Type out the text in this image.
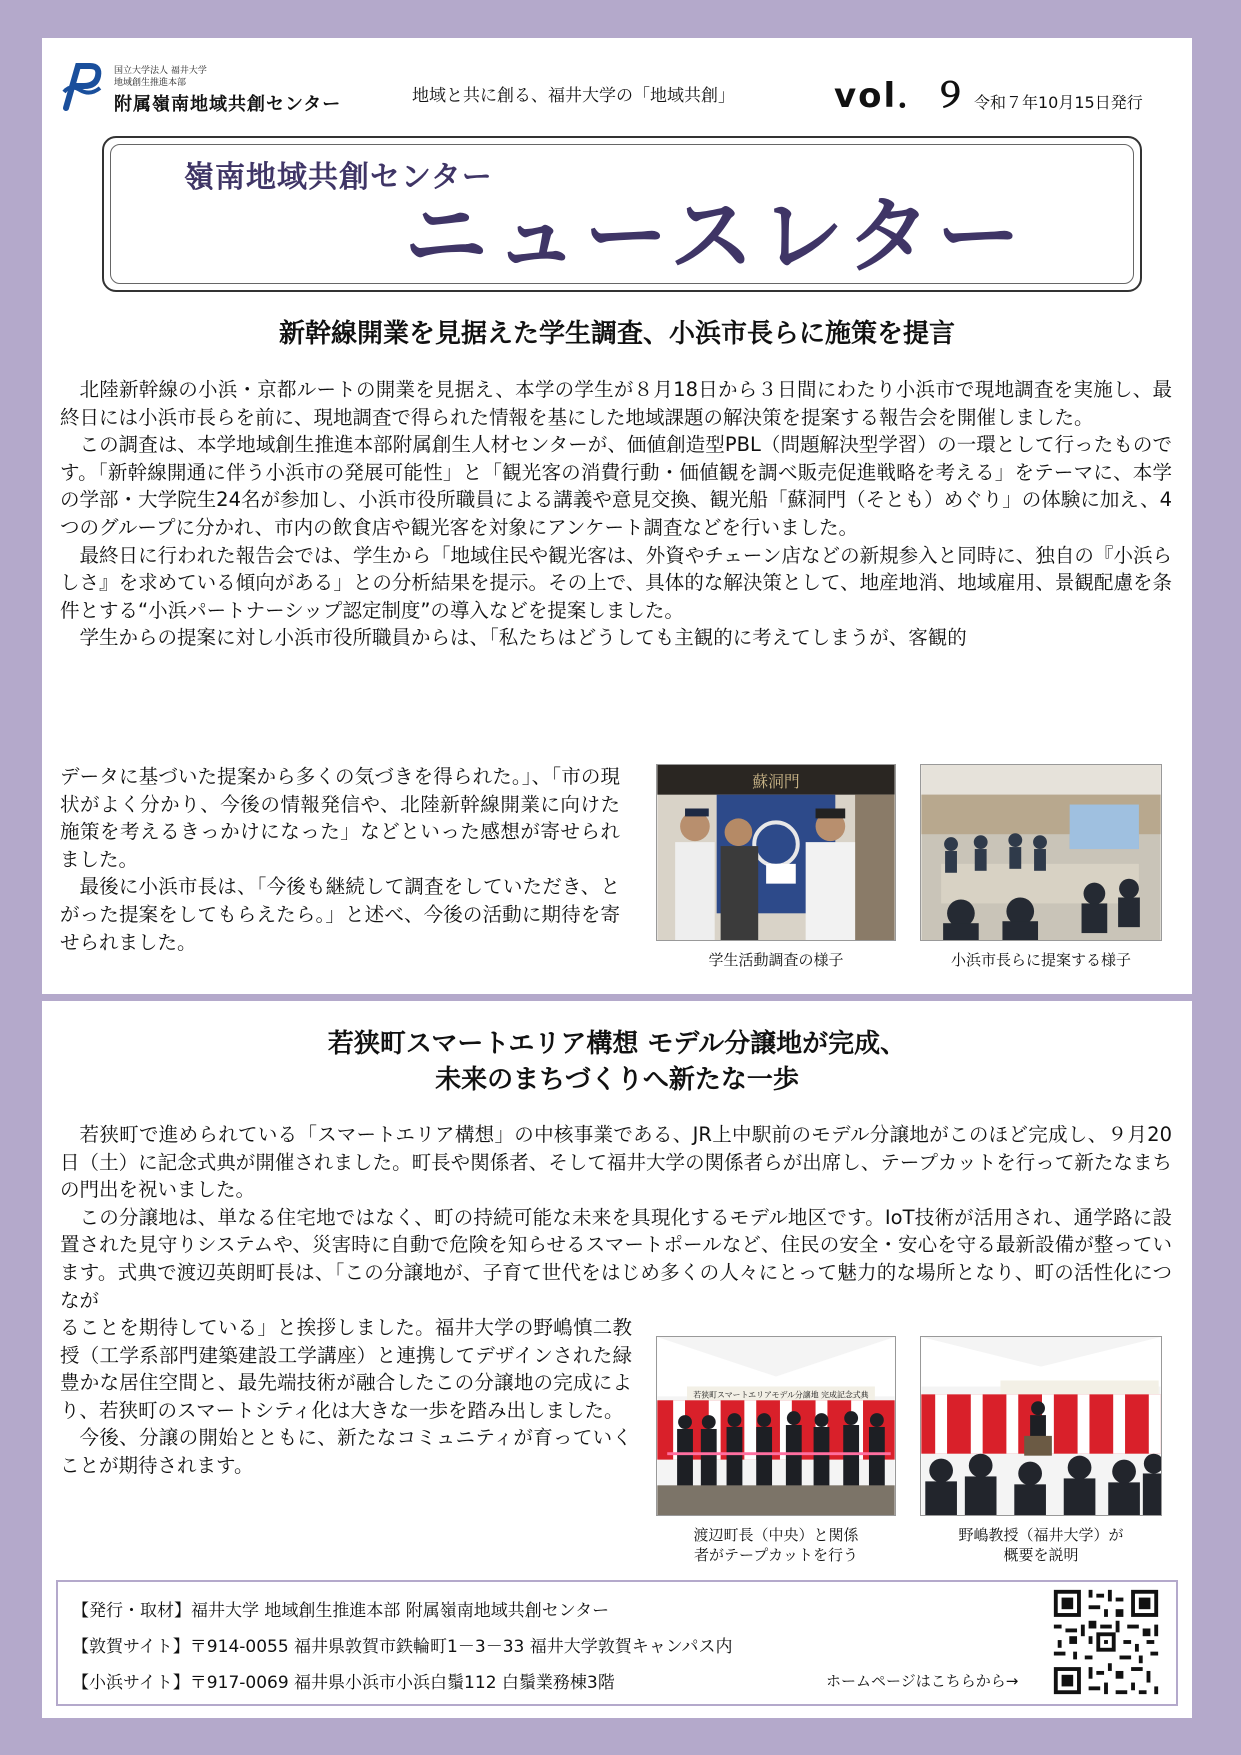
国立大学法人 福井大学
地域創生推進本部
附属嶺南地域共創センター	地域と共に創る、福井大学の「地域共創」	vol．９ 令和７年10月15日発行
嶺南地域共創センター
ニュースレター
新幹線開業を見据えた学生調査、小浜市長らに施策を提言

北陸新幹線の小浜・京都ルートの開業を見据え、本学の学生が８月18日から３日間にわたり小浜市で現地調査を実施し、最終日には小浜市長らを前に、現地調査で得られた情報を基にした地域課題の解決策を提案する報告会を開催しました。

この調査は、本学地域創生推進本部附属創生人材センターが、価値創造型PBL（問題解決型学習）の一環として行ったものです。「新幹線開通に伴う小浜市の発展可能性」と「観光客の消費行動・価値観を調べ販売促進戦略を考える」をテーマに、本学の学部・大学院生24名が参加し、小浜市役所職員による講義や意見交換、観光船「蘇洞門（そとも）めぐり」の体験に加え、4つのグループに分かれ、市内の飲食店や観光客を対象にアンケート調査などを行いました。

最終日に行われた報告会では、学生から「地域住民や観光客は、外資やチェーン店などの新規参入と同時に、独自の『小浜らしさ』を求めている傾向がある」との分析結果を提示。その上で、具体的な解決策として、地産地消、地域雇用、景観配慮を条件とする“小浜パートナーシップ認定制度”の導入などを提案しました。

学生からの提案に対し小浜市役所職員からは、「私たちはどうしても主観的に考えてしまうが、客観的

データに基づいた提案から多くの気づきを得られた。」、「市の現状がよく分かり、今後の情報発信や、北陸新幹線開業に向けた施策を考えるきっかけになった」などといった感想が寄せられました。

最後に小浜市長は、「今後も継続して調査をしていただき、とがった提案をしてもらえたら。」と述べ、今後の活動に期待を寄せられました。

蘇洞門
学生活動調査の様子	小浜市長らに提案する様子
若狭町スマートエリア構想 モデル分譲地が完成、
未来のまちづくりへ新たな一歩

若狭町で進められている「スマートエリア構想」の中核事業である、JR上中駅前のモデル分譲地がこのほど完成し、９月20日（土）に記念式典が開催されました。町長や関係者、そして福井大学の関係者らが出席し、テープカットを行って新たなまちの門出を祝いました。

この分譲地は、単なる住宅地ではなく、町の持続可能な未来を具現化するモデル地区です。IoT技術が活用され、通学路に設置された見守りシステムや、災害時に自動で危険を知らせるスマートポールなど、住民の安全・安心を守る最新設備が整っています。式典で渡辺英朗町長は、「この分譲地が、子育て世代をはじめ多くの人々にとって魅力的な場所となり、町の活性化につなが

ることを期待している」と挨拶しました。福井大学の野嶋慎二教授（工学系部門建築建設工学講座）と連携してデザインされた緑豊かな居住空間と、最先端技術が融合したこの分譲地の完成により、若狭町のスマートシティ化は大きな一歩を踏み出しました。

今後、分譲の開始とともに、新たなコミュニティが育っていくことが期待されます。

若狭町スマートエリアモデル分譲地 完成記念式典
渡辺町長（中央）と関係
者がテープカットを行う
野嶋教授（福井大学）が
概要を説明
【発行・取材】福井大学 地域創生推進本部 附属嶺南地域共創センター
【敦賀サイト】〒914-0055 福井県敦賀市鉄輪町1－3－33 福井大学敦賀キャンパス内
【小浜サイト】〒917-0069 福井県小浜市小浜白鬚112 白鬚業務棟3階	ホームページはこちらから→
